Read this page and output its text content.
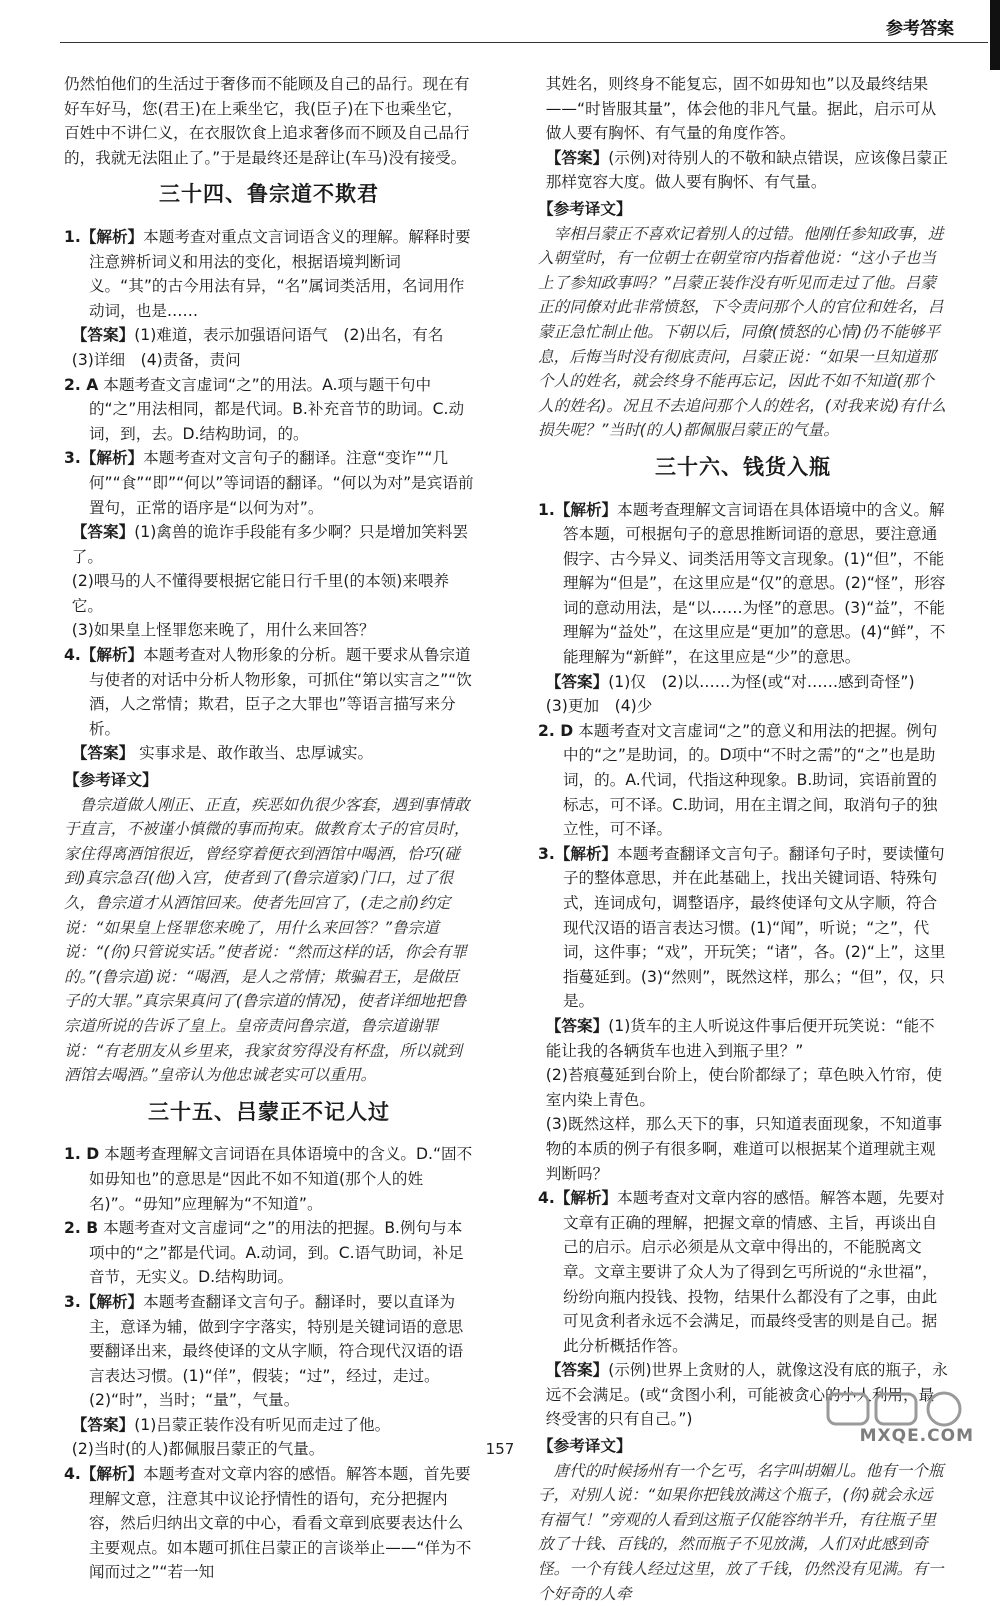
参考答案

仍然怕他们的生活过于奢侈而不能顾及自己的品行。现在有好车好马，您(君王)在上乘坐它，我(臣子)在下也乘坐它，百姓中不讲仁义，在衣服饮食上追求奢侈而不顾及自己品行的，我就无法阻止了。”于是最终还是辞让(车马)没有接受。

三十四、鲁宗道不欺君

1.【解析】本题考查对重点文言词语含义的理解。解释时要注意辨析词义和用法的变化，根据语境判断词义。“其”的古今用法有异，“名”属词类活用，名词用作动词，也是……

【答案】(1)难道，表示加强语问语气　(2)出名，有名

(3)详细　(4)责备，责问

2. A 本题考查文言虚词“之”的用法。A.项与题干句中的“之”用法相同，都是代词。B.补充音节的助词。C.动词，到，去。D.结构助词，的。

3.【解析】本题考查对文言句子的翻译。注意“变诈”“几何”“食”“即”“何以”等词语的翻译。“何以为对”是宾语前置句，正常的语序是“以何为对”。

【答案】(1)禽兽的诡诈手段能有多少啊？只是增加笑料罢了。

(2)喂马的人不懂得要根据它能日行千里(的本领)来喂养它。

(3)如果皇上怪罪您来晚了，用什么来回答？

4.【解析】本题考查对人物形象的分析。题干要求从鲁宗道与使者的对话中分析人物形象，可抓住“第以实言之”“饮酒，人之常情；欺君，臣子之大罪也”等语言描写来分析。

【答案】 实事求是、敢作敢当、忠厚诚实。

【参考译文】

鲁宗道做人刚正、正直，疾恶如仇很少客套，遇到事情敢于直言，不被谨小慎微的事而拘束。做教育太子的官员时，家住得离酒馆很近，曾经穿着便衣到酒馆中喝酒，恰巧(碰到)真宗急召(他)入宫，使者到了(鲁宗道家)门口，过了很久，鲁宗道才从酒馆回来。使者先回宫了，(走之前)约定说：“如果皇上怪罪您来晚了，用什么来回答？”鲁宗道说：“(你)只管说实话。”使者说：“然而这样的话，你会有罪的。”(鲁宗道)说：“喝酒，是人之常情；欺骗君王，是做臣子的大罪。”真宗果真问了(鲁宗道的情况)，使者详细地把鲁宗道所说的告诉了皇上。皇帝责问鲁宗道，鲁宗道谢罪说：“有老朋友从乡里来，我家贫穷得没有杯盘，所以就到酒馆去喝酒。”皇帝认为他忠诚老实可以重用。

三十五、吕蒙正不记人过

1. D 本题考查理解文言词语在具体语境中的含义。D.“固不如毋知也”的意思是“因此不如不知道(那个人的姓名)”。“毋知”应理解为“不知道”。

2. B 本题考查对文言虚词“之”的用法的把握。B.例句与本项中的“之”都是代词。A.动词，到。C.语气助词，补足音节，无实义。D.结构助词。

3.【解析】本题考查翻译文言句子。翻译时，要以直译为主，意译为辅，做到字字落实，特别是关键词语的意思要翻译出来，最终使译的文从字顺，符合现代汉语的语言表达习惯。(1)“佯”，假装；“过”，经过，走过。(2)“时”，当时；“量”，气量。

【答案】(1)吕蒙正装作没有听见而走过了他。

(2)当时(的人)都佩服吕蒙正的气量。

4.【解析】本题考查对文章内容的感悟。解答本题，首先要理解文意，注意其中议论抒情性的语句，充分把握内容，然后归纳出文章的中心，看看文章到底要表达什么主要观点。如本题可抓住吕蒙正的言谈举止——“佯为不闻而过之”“若一知

其姓名，则终身不能复忘，固不如毋知也”以及最终结果——“时皆服其量”，体会他的非凡气量。据此，启示可从做人要有胸怀、有气量的角度作答。

【答案】(示例)对待别人的不敬和缺点错误，应该像吕蒙正那样宽容大度。做人要有胸怀、有气量。

【参考译文】

宰相吕蒙正不喜欢记着别人的过错。他刚任参知政事，进入朝堂时，有一位朝士在朝堂帘内指着他说：“这小子也当上了参知政事吗？”吕蒙正装作没有听见而走过了他。吕蒙正的同僚对此非常愤怒，下令责问那个人的官位和姓名，吕蒙正急忙制止他。下朝以后，同僚(愤怒的心情)仍不能够平息，后悔当时没有彻底责问，吕蒙正说：“如果一旦知道那个人的姓名，就会终身不能再忘记，因此不如不知道(那个人的姓名)。况且不去追问那个人的姓名，(对我来说)有什么损失呢？”当时(的人)都佩服吕蒙正的气量。

三十六、钱货入瓶

1.【解析】本题考查理解文言词语在具体语境中的含义。解答本题，可根据句子的意思推断词语的意思，要注意通假字、古今异义、词类活用等文言现象。(1)“但”，不能理解为“但是”，在这里应是“仅”的意思。(2)“怪”，形容词的意动用法，是“以……为怪”的意思。(3)“益”，不能理解为“益处”，在这里应是“更加”的意思。(4)“鲜”，不能理解为“新鲜”，在这里应是“少”的意思。

【答案】(1)仅　(2)以……为怪(或“对……感到奇怪”)

(3)更加　(4)少

2. D 本题考查对文言虚词“之”的意义和用法的把握。例句中的“之”是助词，的。D项中“不时之需”的“之”也是助词，的。A.代词，代指这种现象。B.助词，宾语前置的标志，可不译。C.助词，用在主谓之间，取消句子的独立性，可不译。

3.【解析】本题考查翻译文言句子。翻译句子时，要读懂句子的整体意思，并在此基础上，找出关键词语、特殊句式，连词成句，调整语序，最终使译句文从字顺，符合现代汉语的语言表达习惯。(1)“闻”，听说；“之”，代词，这件事；“戏”，开玩笑；“诸”，各。(2)“上”，这里指蔓延到。(3)“然则”，既然这样，那么；“但”，仅，只是。

【答案】(1)货车的主人听说这件事后便开玩笑说：“能不能让我的各辆货车也进入到瓶子里？”

(2)苔痕蔓延到台阶上，使台阶都绿了；草色映入竹帘，使室内染上青色。

(3)既然这样，那么天下的事，只知道表面现象，不知道事物的本质的例子有很多啊，难道可以根据某个道理就主观判断吗？

4.【解析】本题考查对文章内容的感悟。解答本题，先要对文章有正确的理解，把握文章的情感、主旨，再谈出自己的启示。启示必须是从文章中得出的，不能脱离文章。文章主要讲了众人为了得到乞丐所说的“永世福”，纷纷向瓶内投钱、投物，结果什么都没有了之事，由此可见贪利者永远不会满足，而最终受害的则是自己。据此分析概括作答。

【答案】(示例)世界上贪财的人，就像这没有底的瓶子，永远不会满足。(或“贪图小利，可能被贪心的小人利用，最终受害的只有自己。”)

【参考译文】

唐代的时候扬州有一个乞丐，名字叫胡媚儿。他有一个瓶子，对别人说：“如果你把钱放满这个瓶子，(你)就会永远有福气！”旁观的人看到这瓶子仅能容纳半升，有往瓶子里放了十钱、百钱的，然而瓶子不见放满，人们对此感到奇怪。一个有钱人经过这里，放了千钱，仍然没有见满。有一个好奇的人牵

157
MXQE.COM
